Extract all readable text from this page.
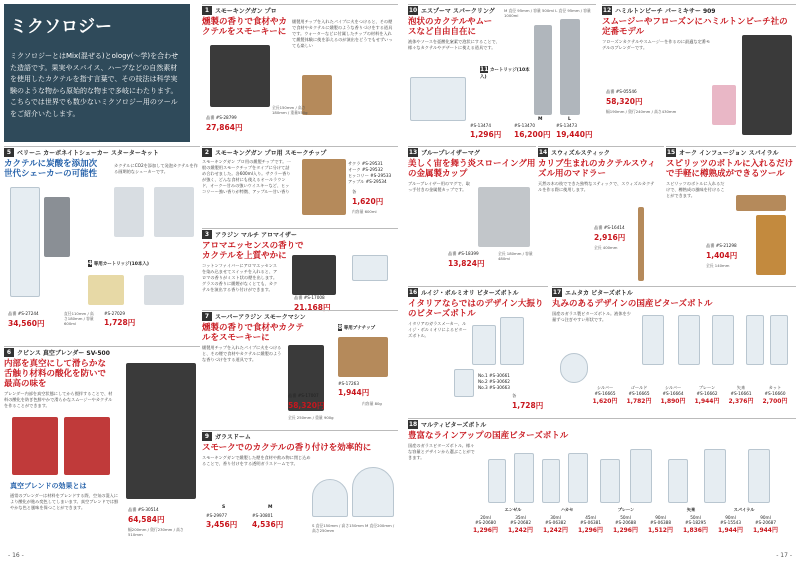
ミクソロジー
ミクソロジーとはMix(混ぜる)とology(〜学)を合わせた造語です。果実やスパイス、ハーブなどの自然素材を使用したカクテルを指す言葉で、その技法は科学実験のような物から原始的な物まで多岐にわたります。こちらでは世界でも数少ないミクソロジー用のツールをご紹介いたします。
1 スモーキングガン プロ
燻製の香りで食材やカクテルをスモーキーに
燻製用チップを入れたパイプに火をつけると、その煙で食材やカクテルに燻製のような香りづけをする道具です。ウォーターなどに付属したチップの材料を入れて燻製体験に使を添えるのが演出をどうでもせずいっても楽しい
全長150mm / 高さ180mm / 重量550g
品番 #S-28799
27,864円
10 エスプーマ スパークリング
泡状のカクテルやムースなど自由自在に
M 直径 95mm / 容量 500ml L 直径 95mm / 容量 1000ml
液体やソースを亜酸化窒素で泡状にすることで、様々なカクテルやデザートに使える道具です。
11 カートリッジ(10本入)
M	L
#S-13474
1,296円
#S-13470
16,200円
#S-13473
19,440円
12 ハミルトンビーチ パーミキサー 909
スムージーやフローズンにハミルトンビーチ社の定番モデル
フローズンカクテルやスムージーを作るのに最適な定番モデルのブレンダーです。
品番 #S-05546
58,320円
幅190mm / 奥行240mm / 高さ430mm
5 ベリーニ カーボネイトシェーカー スターターキット
カクテルに炭酸を添加次世代シェーカーの可能性
カクテルにCO2を添加して発泡カクテルを作る画期的なシェーカーです。
4 専用カートリッジ(10本入)
品番 #S-27244
34,560円
直径110mm / 高さ180mm / 容量 600ml
#S-27029
1,728円
2 スモーキングガン プロ用 スモークチップ
スモーキングガン プロ用の燻製チップです。一般の燻製用スモークチップをタイプに分けて詰め合わせました。各600ml入り。サクラ〜香りが強く、どんな食材にも使えるオールラウンド、オーク〜甘みの強いウイスキーなど、ヒッコリー〜強い香りが特徴、アップル〜甘い香り
サクラ #S-29531
オーク #S-29532
ヒッコリー #S-29533
アップル #S-29534
各
1,620円
内容量 600ml
3 アラジン マルチ アロマイザー
アロマエッセンスの香りでカクテルを上質やかに
コットンファイバーにアロマエッセンスを染み込ませてスイッチを入れると、アロマの香りがミスト状の煙を出します。グラスの香りに燻煙がなくとても、カクテルを演出する香り付けができます。
品番 #S-17008
21,168円
7 スーパーアラジン スモークマシン
燻製の香りで食材やカクテルをスモーキーに
燻製用チップを入れたパイプに火をつけると、その煙で食材やカクテルに燻製のような香りづけをする道具です。
8 専用ブナチップ
#S-17263
1,944円
内容量 80g
品番 #S-17007
58,320円
全長 250mm / 重量 900g
9 ガラスドーム
スモークでのカクテルの香り付けを効率的に
スモーキングガンで燻製した煙を食材や飲み物に閉じ込めることで、香り付けをする透明ガラスドームです。
S	M
#S-29977
3,456円
#S-30801
4,536円	S 直径150mm / 高さ150mm M 直径200mm / 高さ250mm
6 クビンス 真空ブレンダー SV-500
内部を真空にして滑らかな舌触り材料の酸化を防いで最高の味を
ブレンダー内部を真空状態にしてから撹拌することで、材料の酸化を防ぎ色鮮やかで滑らかなスムージーやカクテルを作ることができます。
真空ブレンドの効果とは
通常のブレンダーは材料をブレンドする際、空気の混入により酸化が進み変色してしまいます。真空ブレンドでは鮮やかな色と風味を保つことができます。	品番 #S-30514
64,584円
幅200mm / 奥行230mm / 高さ510mm
13 ブループレイザーマグ
美しく宙を舞う炎スローイング用の金属製カップ
ブルーブレイザー用のマグで、取っ手付きの金属製カップです。
品番 #S-18399
13,824円
全長 180mm / 容量 480ml
14 スウィズルスティック
カリブ生まれのカクテルスウィズル用のマドラー
天然の木の枝でできた独特なスティックで、スウィズルカクテルを作る際に使用します。
品番 #S-16414
2,916円
全長 400mm
15 オーク インフュージョン スパイラル
スピリッツのボトルに入れるだけで手軽に樽熟成ができるツール
スピリッツのボトルに入れるだけで、樽熟成の風味を付けることができます。
品番 #S-21298
1,404円
全長 140mm
16 ルイジ・ボルミオリ ビターズボトル
イタリアならではのデザイン大振りのビターズボトル
イタリアのガラスメーカー、ルイジ・ボルミオリによるビターズボトル。
No.1 #S-30661
No.2 #S-30662
No.3 #S-30663
各
1,728円
17 エムタカ ビターズボトル
丸みのあるデザインの国産ビターズボトル
国産のガラス製ビターズボトル。液体を少量ずつ注ぎやすい形状です。
シルバー
#S-16665
1,620円
ゴールド
#S-16665
1,782円
シルバー
#S-16664
1,890円
プレーン
#S-16662
1,944円
矢来
#S-16661
2,376円
カット
#S-16660
2,700円
18 マルティビターズボトル
豊富なラインアップの国産ビターズボトル
国産のガラスビターズボトル。様々な容量とデザインから選ぶことができます。
エンゼル	ハカセ	プレーン	矢来	スパイラル
20ml
#S-20680
1,296円
35ml
#S-20682
1,242円
30ml
#S-06382
1,242円
45ml
#S-06381
1,296円
50ml
#S-20688
1,296円
90ml
#S-06388
1,512円
50ml
#S-18295
1,836円
90ml
#S-15543
1,944円
90ml
#S-20687
1,944円
- 16 -	- 17 -
